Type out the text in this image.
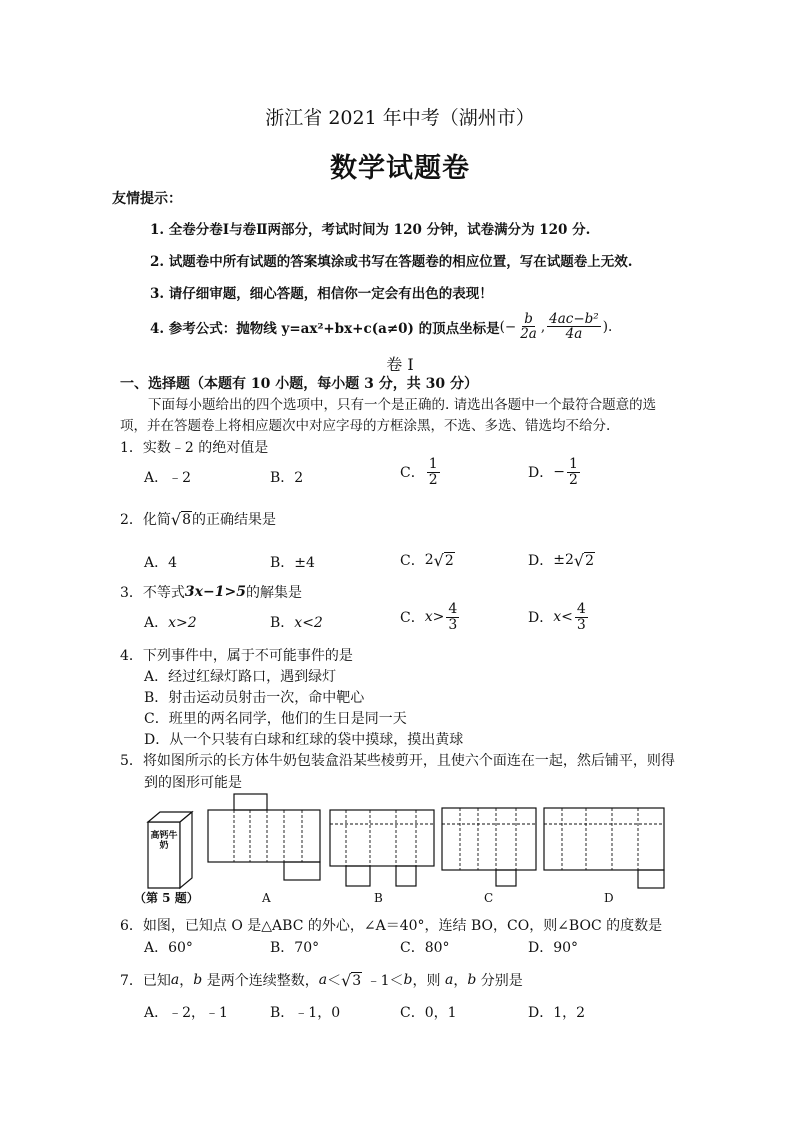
浙江省 2021 年中考（湖州市）
数学试题卷
友情提示：
1. 全卷分卷Ⅰ与卷Ⅱ两部分，考试时间为 120 分钟，试卷满分为 120 分.
2. 试题卷中所有试题的答案填涂或书写在答题卷的相应位置，写在试题卷上无效.
3. 请仔细审题，细心答题，相信你一定会有出色的表现！
4. 参考公式：抛物线 y=ax²+bx+c(a≠0) 的顶点坐标是 (− $\frac{b}{2a}$ , $\frac{\text{4ac−b²}}{4a}$ ).
卷 Ⅰ
一、选择题（本题有 10 小题，每小题 3 分，共 30 分）
下面每小题给出的四个选项中，只有一个是正确的. 请选出各题中一个最符合题意的选
项，并在答题卷上将相应题次中对应字母的方框涂黑，不选、多选、错选均不给分.
1．实数﹣2 的绝对值是
A．﹣2	B．2	C． $\frac{1}{2}$	D． − $\frac{1}{2}$
2．化简 √ 8 的正确结果是
A．4	B．±4	C． 2 √ 2	D． ±2 √ 2
3．不等式 3x−1>5 的解集是
A．x>2	B．x<2	C． $x> \frac{4}{3}$	D． $x< \frac{4}{3}$
4．下列事件中，属于不可能事件的是
A．经过红绿灯路口，遇到绿灯
B．射击运动员射击一次，命中靶心
C．班里的两名同学，他们的生日是同一天
D．从一个只装有白球和红球的袋中摸球，摸出黄球
5．将如图所示的长方体牛奶包装盒沿某些棱剪开，且使六个面连在一起，然后铺平，则得
到的图形可能是
高钙牛奶
（第 5 题）	A	B	C	D
6．如图，已知点 O 是△ABC 的外心，∠A＝40°，连结 BO，CO，则∠BOC 的度数是
A．60°	B．70°	C．80°	D．90°
7．已知 a ， b 是两个连续整数， a ＜ √ 3 ﹣1＜ b ，则 a ， b 分别是
A．﹣2，﹣1	B．﹣1，0	C．0，1	D．1，2
